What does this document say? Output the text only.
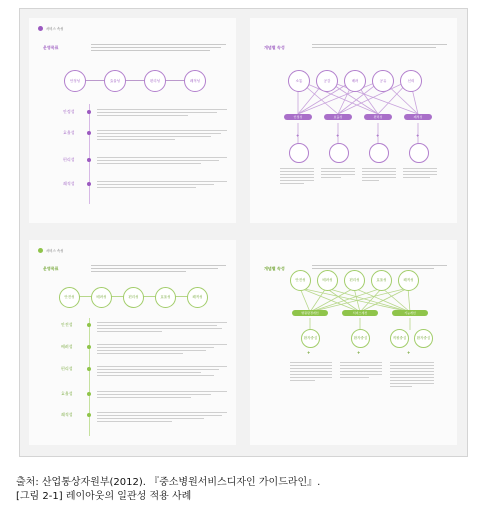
서비스 속성
운영목표
안정성	효율성	편리성	쾌적성
안정성
효율성
편리성
쾌적성
개념별 속성
소통	공감	배려	공유	신뢰
안정성	효율성	편리성	쾌적성
+	+	+	+
서비스 속성
운영목표
안전성	배려성	편리성	효율성	쾌적성
안전성
배려성
편리성
효율성
쾌적성
개념별 속성
안전성	배려성	편리성	효율성	쾌적성
병원환경개선	서비스개선	기능개선
환자중심	환자중심	직원중심	환자중심
+	+	+
출처: 산업통상자원부(2012). 『중소병원서비스디자인 가이드라인』.
[그림 2-1] 레이아웃의 일관성 적용 사례
